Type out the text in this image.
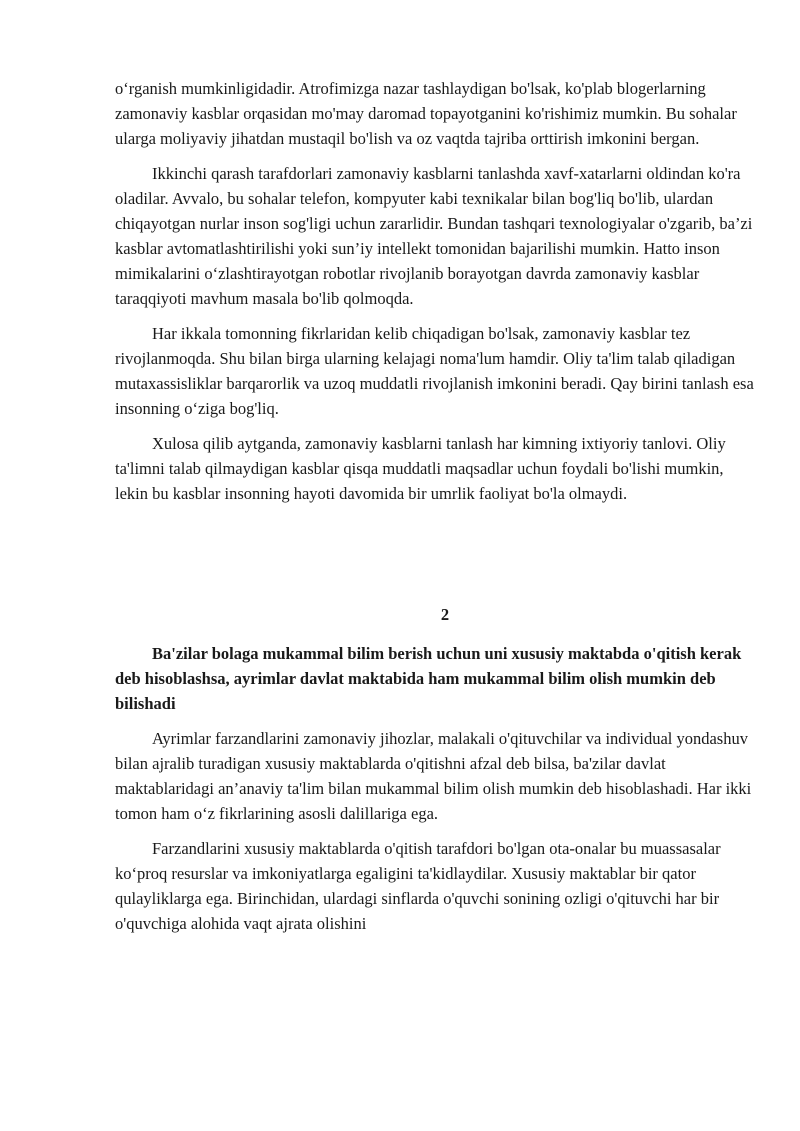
o‘rganish mumkinligidadir. Atrofimizga nazar tashlaydigan bo'lsak, ko'plab blogerlarning zamonaviy kasblar orqasidan mo'may daromad topayotganini ko'rishimiz mumkin. Bu sohalar ularga moliyaviy jihatdan mustaqil bo'lish va oz vaqtda tajriba orttirish imkonini bergan.

Ikkinchi qarash tarafdorlari zamonaviy kasblarni tanlashda xavf-xatarlarni oldindan ko'ra oladilar. Avvalo, bu sohalar telefon, kompyuter kabi texnikalar bilan bog'liq bo'lib, ulardan chiqayotgan nurlar inson sog'ligi uchun zararlidir. Bundan tashqari texnologiyalar o'zgarib, ba’zi kasblar avtomatlashtirilishi yoki sun’iy intellekt tomonidan bajarilishi mumkin. Hatto inson mimikalarini o‘zlashtirayotgan robotlar rivojlanib borayotgan davrda zamonaviy kasblar taraqqiyoti mavhum masala bo'lib qolmoqda.

Har ikkala tomonning fikrlaridan kelib chiqadigan bo'lsak, zamonaviy kasblar tez rivojlanmoqda. Shu bilan birga ularning kelajagi noma'lum hamdir. Oliy ta'lim talab qiladigan mutaxassisliklar barqarorlik va uzoq muddatli rivojlanish imkonini beradi. Qay birini tanlash esa insonning o‘ziga bog'liq.

Xulosa qilib aytganda, zamonaviy kasblarni tanlash har kimning ixtiyoriy tanlovi. Oliy ta'limni talab qilmaydigan kasblar qisqa muddatli maqsadlar uchun foydali bo'lishi mumkin, lekin bu kasblar insonning hayoti davomida bir umrlik faoliyat bo'la olmaydi.

2

Ba'zilar bolaga mukammal bilim berish uchun uni xususiy maktabda o'qitish kerak deb hisoblashsa, ayrimlar davlat maktabida ham mukammal bilim olish mumkin deb bilishadi

Ayrimlar farzandlarini zamonaviy jihozlar, malakali o'qituvchilar va individual yondashuv bilan ajralib turadigan xususiy maktablarda o'qitishni afzal deb bilsa, ba'zilar davlat maktablaridagi an’anaviy ta'lim bilan mukammal bilim olish mumkin deb hisoblashadi. Har ikki tomon ham o‘z fikrlarining asosli dalillariga ega.

Farzandlarini xususiy maktablarda o'qitish tarafdori bo'lgan ota-onalar bu muassasalar ko‘proq resurslar va imkoniyatlarga egaligini ta'kidlaydilar. Xususiy maktablar bir qator qulayliklarga ega. Birinchidan, ulardagi sinflarda o'quvchi sonining ozligi o'qituvchi har bir o'quvchiga alohida vaqt ajrata olishini
